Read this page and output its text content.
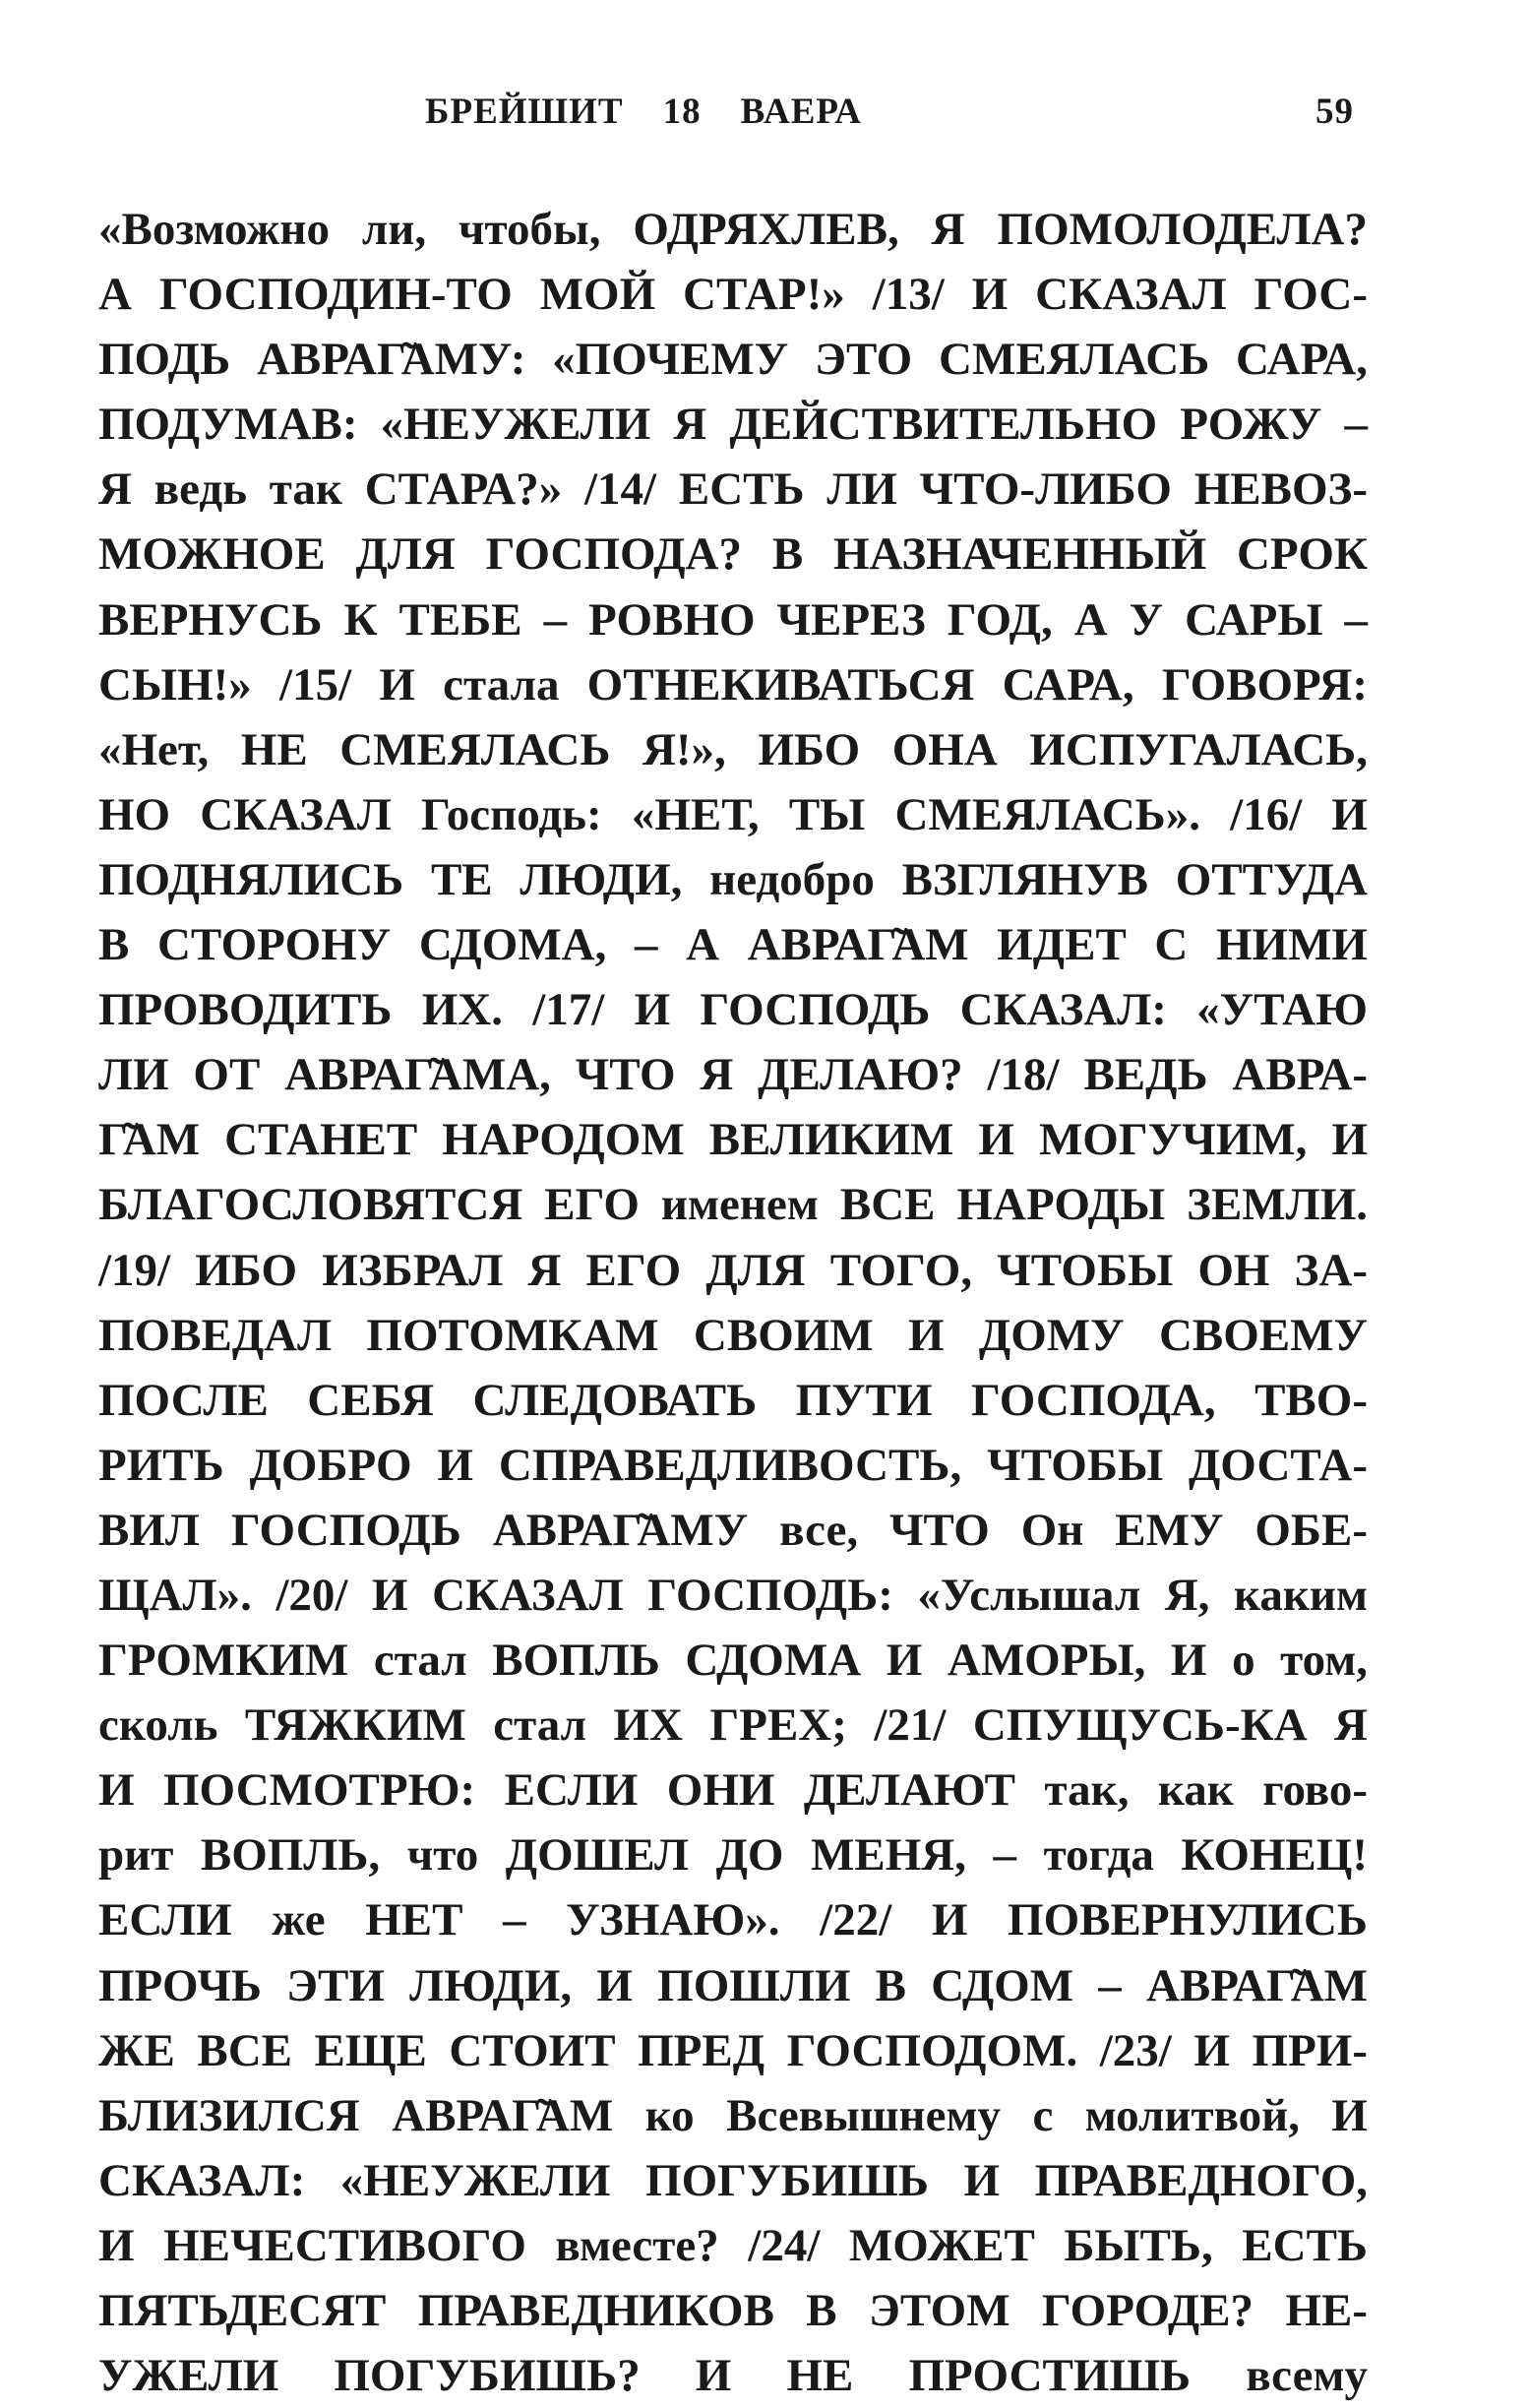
БРЕЙШИТ 18 ВАЕРА	59
«Возможно ли, чтобы, ОДРЯХЛЕВ, Я ПОМОЛОДЕЛА?
А ГОСПОДИН-ТО МОЙ СТАР!» /13/ И СКАЗАЛ ГОС-
ПОДЬ АВРАГ̃АМУ: «ПОЧЕМУ ЭТО СМЕЯЛАСЬ САРА,
ПОДУМАВ: «НЕУЖЕЛИ Я ДЕЙСТВИТЕЛЬНО РОЖУ –
Я ведь так СТАРА?» /14/ ЕСТЬ ЛИ ЧТО-ЛИБО НЕВОЗ-
МОЖНОЕ ДЛЯ ГОСПОДА? В НАЗНАЧЕННЫЙ СРОК
ВЕРНУСЬ К ТЕБЕ – РОВНО ЧЕРЕЗ ГОД, А У САРЫ –
СЫН!» /15/ И стала ОТНЕКИВАТЬСЯ САРА, ГОВОРЯ:
«Нет, НЕ СМЕЯЛАСЬ Я!», ИБО ОНА ИСПУГАЛАСЬ,
НО СКАЗАЛ Господь: «НЕТ, ТЫ СМЕЯЛАСЬ». /16/ И
ПОДНЯЛИСЬ ТЕ ЛЮДИ, недобро ВЗГЛЯНУВ ОТТУДА
В СТОРОНУ СДОМА, – А АВРАГ̃АМ ИДЕТ С НИМИ
ПРОВОДИТЬ ИХ. /17/ И ГОСПОДЬ СКАЗАЛ: «УТАЮ
ЛИ ОТ АВРАГ̃АМА, ЧТО Я ДЕЛАЮ? /18/ ВЕДЬ АВРА-
Г̃АМ СТАНЕТ НАРОДОМ ВЕЛИКИМ И МОГУЧИМ, И
БЛАГОСЛОВЯТСЯ ЕГО именем ВСЕ НАРОДЫ ЗЕМЛИ.
/19/ ИБО ИЗБРАЛ Я ЕГО ДЛЯ ТОГО, ЧТОБЫ ОН ЗА-
ПОВЕДАЛ ПОТОМКАМ СВОИМ И ДОМУ СВОЕМУ
ПОСЛЕ СЕБЯ СЛЕДОВАТЬ ПУТИ ГОСПОДА, ТВО-
РИТЬ ДОБРО И СПРАВЕДЛИВОСТЬ, ЧТОБЫ ДОСТА-
ВИЛ ГОСПОДЬ АВРАГ̃АМУ все, ЧТО Он ЕМУ ОБЕ-
ЩАЛ». /20/ И СКАЗАЛ ГОСПОДЬ: «Услышал Я, каким
ГРОМКИМ стал ВОПЛЬ СДОМА И АМОРЫ, И о том,
сколь ТЯЖКИМ стал ИХ ГРЕХ; /21/ СПУЩУСЬ-КА Я
И ПОСМОТРЮ: ЕСЛИ ОНИ ДЕЛАЮТ так, как гово-
рит ВОПЛЬ, что ДОШЕЛ ДО МЕНЯ, – тогда КОНЕЦ!
ЕСЛИ же НЕТ – УЗНАЮ». /22/ И ПОВЕРНУЛИСЬ
ПРОЧЬ ЭТИ ЛЮДИ, И ПОШЛИ В СДОМ – АВРАГ̃АМ
ЖЕ ВСЕ ЕЩЕ СТОИТ ПРЕД ГОСПОДОМ. /23/ И ПРИ-
БЛИЗИЛСЯ АВРАГ̃АМ ко Всевышнему с молитвой, И
СКАЗАЛ: «НЕУЖЕЛИ ПОГУБИШЬ И ПРАВЕДНОГО,
И НЕЧЕСТИВОГО вместе? /24/ МОЖЕТ БЫТЬ, ЕСТЬ
ПЯТЬДЕСЯТ ПРАВЕДНИКОВ В ЭТОМ ГОРОДЕ? НЕ-
УЖЕЛИ ПОГУБИШЬ? И НЕ ПРОСТИШЬ всему
